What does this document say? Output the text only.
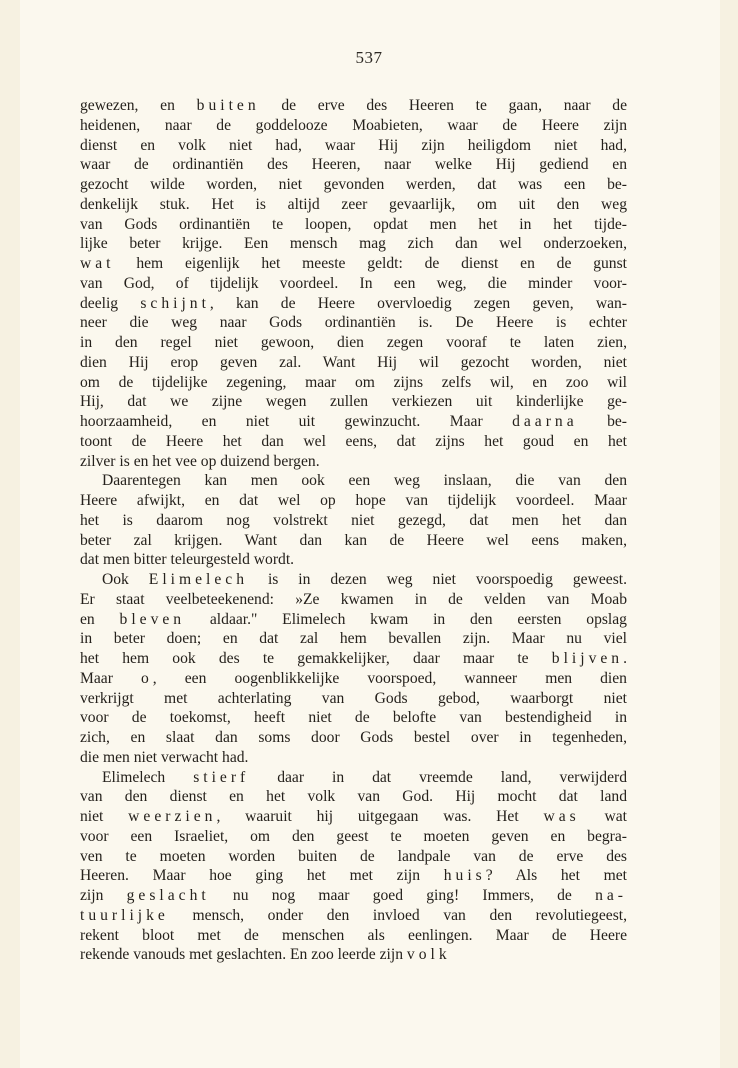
537
gewezen, en buiten de erve des Heeren te gaan, naar de
heidenen, naar de goddelooze Moabieten, waar de Heere zijn
dienst en volk niet had, waar Hij zijn heiligdom niet had,
waar de ordinantiën des Heeren, naar welke Hij gediend en
gezocht wilde worden, niet gevonden werden, dat was een be-
denkelijk stuk. Het is altijd zeer gevaarlijk, om uit den weg
van Gods ordinantiën te loopen, opdat men het in het tijde-
lijke beter krijge. Een mensch mag zich dan wel onderzoeken,
wat hem eigenlijk het meeste geldt: de dienst en de gunst
van God, of tijdelijk voordeel. In een weg, die minder voor-
deelig schijnt, kan de Heere overvloedig zegen geven, wan-
neer die weg naar Gods ordinantiën is. De Heere is echter
in den regel niet gewoon, dien zegen vooraf te laten zien,
dien Hij erop geven zal. Want Hij wil gezocht worden, niet
om de tijdelijke zegening, maar om zijns zelfs wil, en zoo wil
Hij, dat we zijne wegen zullen verkiezen uit kinderlijke ge-
hoorzaamheid, en niet uit gewinzucht. Maar daarna be-
toont de Heere het dan wel eens, dat zijns het goud en het
zilver is en het vee op duizend bergen.
Daarentegen kan men ook een weg inslaan, die van den
Heere afwijkt, en dat wel op hope van tijdelijk voordeel. Maar
het is daarom nog volstrekt niet gezegd, dat men het dan
beter zal krijgen. Want dan kan de Heere wel eens maken,
dat men bitter teleurgesteld wordt.
Ook Elimelech is in dezen weg niet voorspoedig geweest.
Er staat veelbeteekenend: »Ze kwamen in de velden van Moab
en bleven aldaar." Elimelech kwam in den eersten opslag
in beter doen; en dat zal hem bevallen zijn. Maar nu viel
het hem ook des te gemakkelijker, daar maar te blijven.
Maar o, een oogenblikkelijke voorspoed, wanneer men dien
verkrijgt met achterlating van Gods gebod, waarborgt niet
voor de toekomst, heeft niet de belofte van bestendigheid in
zich, en slaat dan soms door Gods bestel over in tegenheden,
die men niet verwacht had.
Elimelech stierf daar in dat vreemde land, verwijderd
van den dienst en het volk van God. Hij mocht dat land
niet weerzien, waaruit hij uitgegaan was. Het was wat
voor een Israeliet, om den geest te moeten geven en begra-
ven te moeten worden buiten de landpale van de erve des
Heeren. Maar hoe ging het met zijn huis? Als het met
zijn geslacht nu nog maar goed ging! Immers, de na-
tuurlijke mensch, onder den invloed van den revolutiegeest,
rekent bloot met de menschen als eenlingen. Maar de Heere
rekende vanouds met geslachten. En zoo leerde zijn volk
